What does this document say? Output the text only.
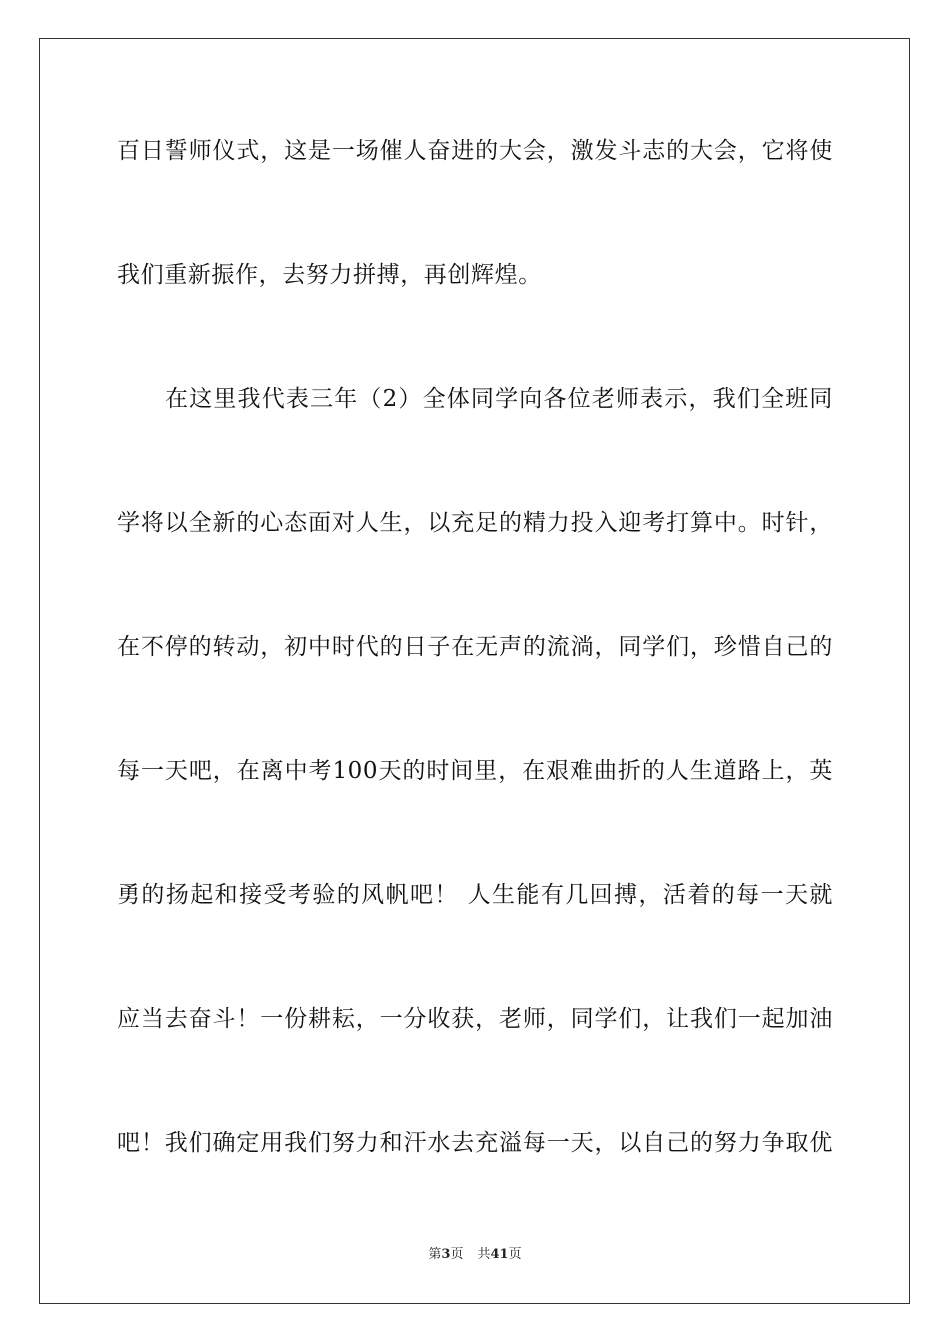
百日誓师仪式，这是一场催人奋进的大会，激发斗志的大会，它将使
我们重新振作，去努力拼搏，再创辉煌。
在这里我代表三年（2）全体同学向各位老师表示，我们全班同
学将以全新的心态面对人生，以充足的精力投入迎考打算中。时针，
在不停的转动，初中时代的日子在无声的流淌，同学们，珍惜自己的
每一天吧，在离中考100天的时间里，在艰难曲折的人生道路上，英
勇的扬起和接受考验的风帆吧！ 人生能有几回搏，活着的每一天就
应当去奋斗！一份耕耘，一分收获，老师，同学们，让我们一起加油
吧！我们确定用我们努力和汗水去充溢每一天，以自己的努力争取优
第3页 共41页
